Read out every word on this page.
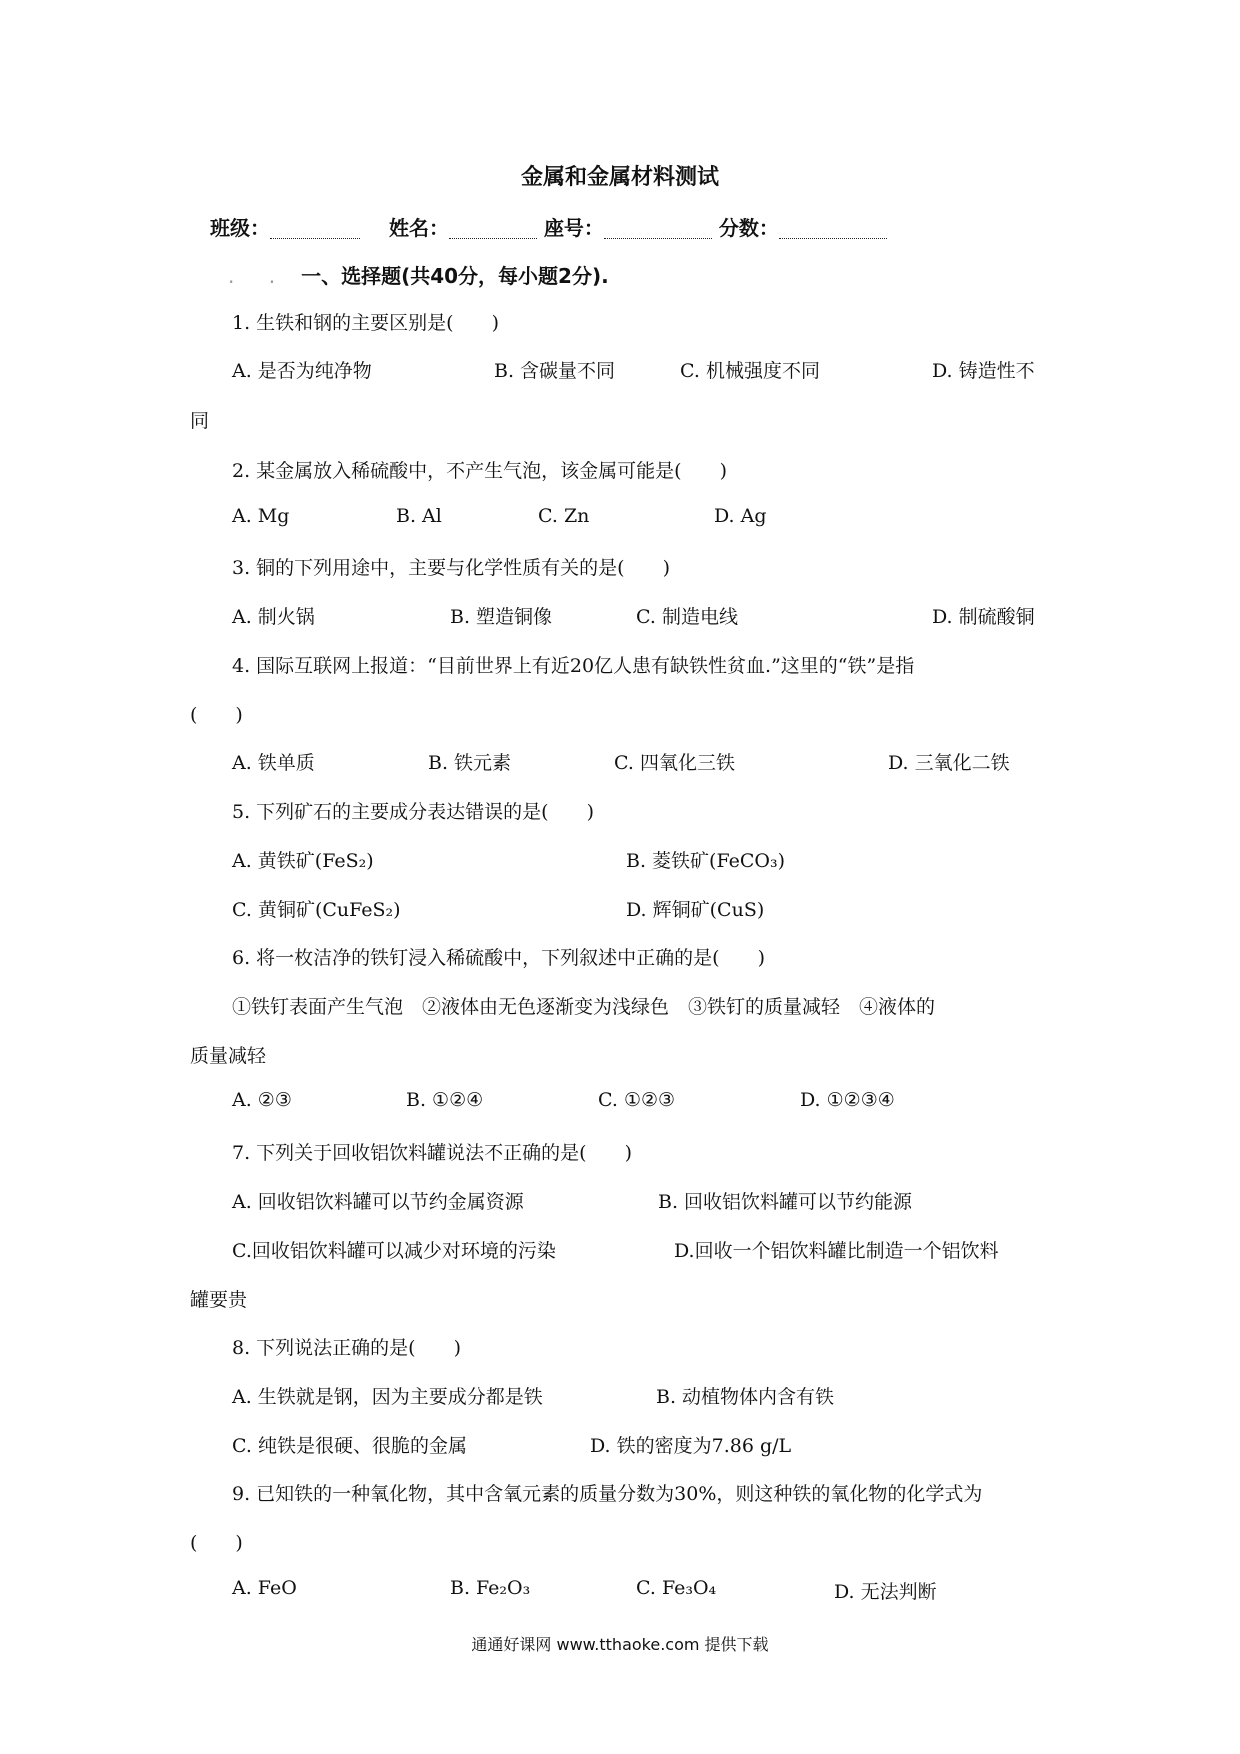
金属和金属材料测试
班级：	姓名：	座号：	分数：
. . 一、选择题(共40分，每小题2分).
1. 生铁和钢的主要区别是(　　)
A. 是否为纯净物	B. 含碳量不同	C. 机械强度不同	D. 铸造性不
同
2. 某金属放入稀硫酸中，不产生气泡，该金属可能是(　　)
A. Mg	B. Al	C. Zn	D. Ag
3. 铜的下列用途中，主要与化学性质有关的是(　　)
A. 制火锅	B. 塑造铜像	C. 制造电线	D. 制硫酸铜
4. 国际互联网上报道：“目前世界上有近20亿人患有缺铁性贫血.”这里的“铁”是指
(　　)
A. 铁单质	B. 铁元素	C. 四氧化三铁	D. 三氧化二铁
5. 下列矿石的主要成分表达错误的是(　　)
A. 黄铁矿(FeS₂)	B. 菱铁矿(FeCO₃)
C. 黄铜矿(CuFeS₂)	D. 辉铜矿(CuS)
6. 将一枚洁净的铁钉浸入稀硫酸中，下列叙述中正确的是(　　)
①铁钉表面产生气泡　②液体由无色逐渐变为浅绿色　③铁钉的质量减轻　④液体的
质量减轻
A. ②③	B. ①②④	C. ①②③	D. ①②③④
7. 下列关于回收铝饮料罐说法不正确的是(　　)
A. 回收铝饮料罐可以节约金属资源	B. 回收铝饮料罐可以节约能源
C.回收铝饮料罐可以减少对环境的污染	D.回收一个铝饮料罐比制造一个铝饮料
罐要贵
8. 下列说法正确的是(　　)
A. 生铁就是钢，因为主要成分都是铁	B. 动植物体内含有铁
C. 纯铁是很硬、很脆的金属	D. 铁的密度为7.86 g/L
9. 已知铁的一种氧化物，其中含氧元素的质量分数为30%，则这种铁的氧化物的化学式为
(　　)
A. FeO	B. Fe₂O₃	C. Fe₃O₄	D. 无法判断
通通好课网 www.tthaoke.com 提供下载
